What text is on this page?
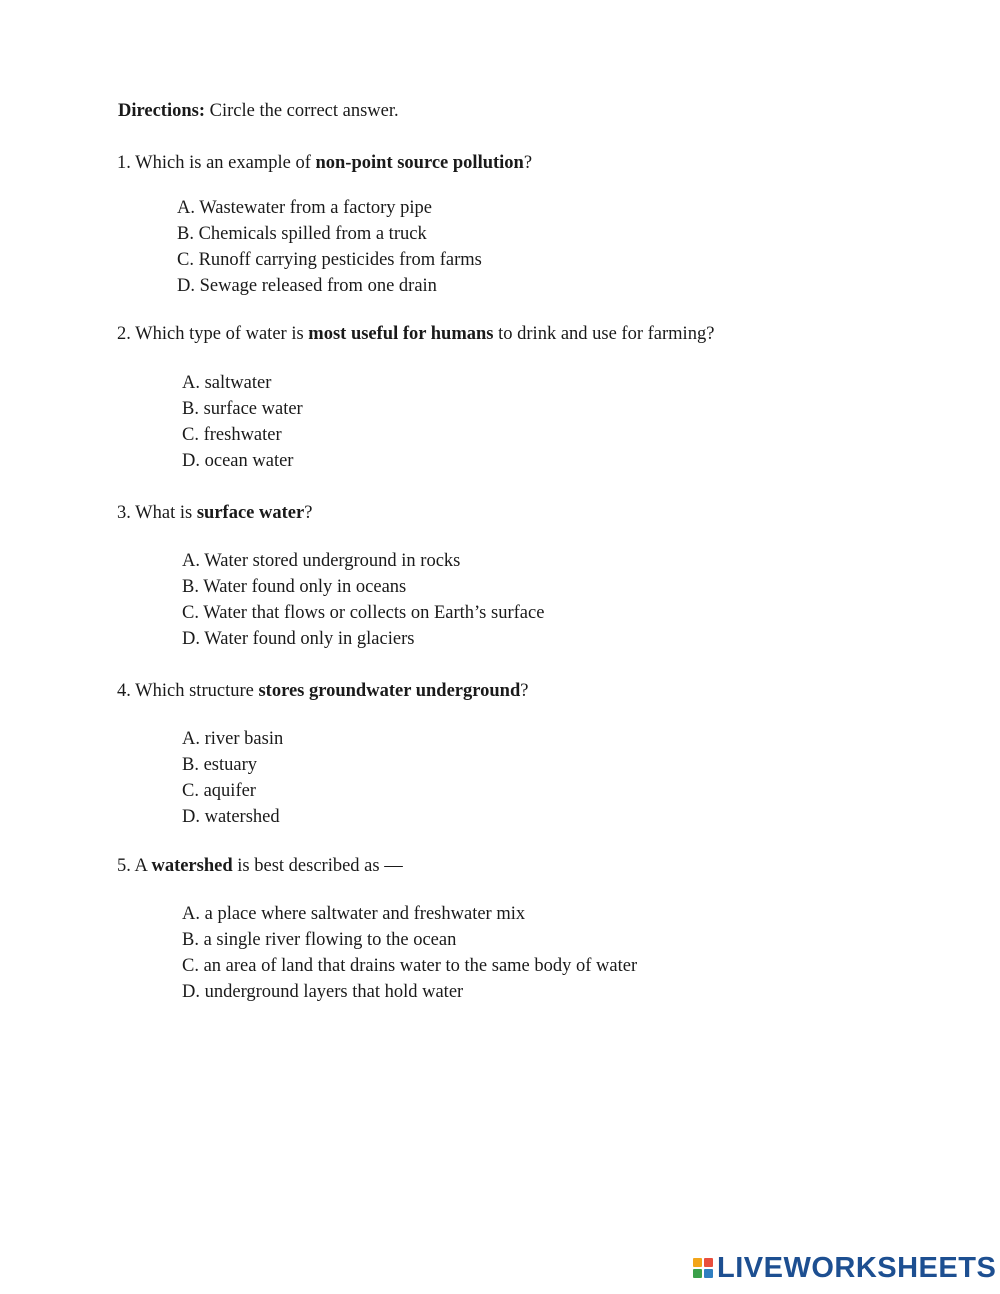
Directions: Circle the correct answer.
1. Which is an example of non-point source pollution?
A. Wastewater from a factory pipe
B. Chemicals spilled from a truck
C. Runoff carrying pesticides from farms
D. Sewage released from one drain
2. Which type of water is most useful for humans to drink and use for farming?
A. saltwater
B. surface water
C. freshwater
D. ocean water
3. What is surface water?
A. Water stored underground in rocks
B. Water found only in oceans
C. Water that flows or collects on Earth’s surface
D. Water found only in glaciers
4. Which structure stores groundwater underground?
A. river basin
B. estuary
C. aquifer
D. watershed
5. A watershed is best described as —
A. a place where saltwater and freshwater mix
B. a single river flowing to the ocean
C. an area of land that drains water to the same body of water
D. underground layers that hold water
LIVEWORKSHEETS
